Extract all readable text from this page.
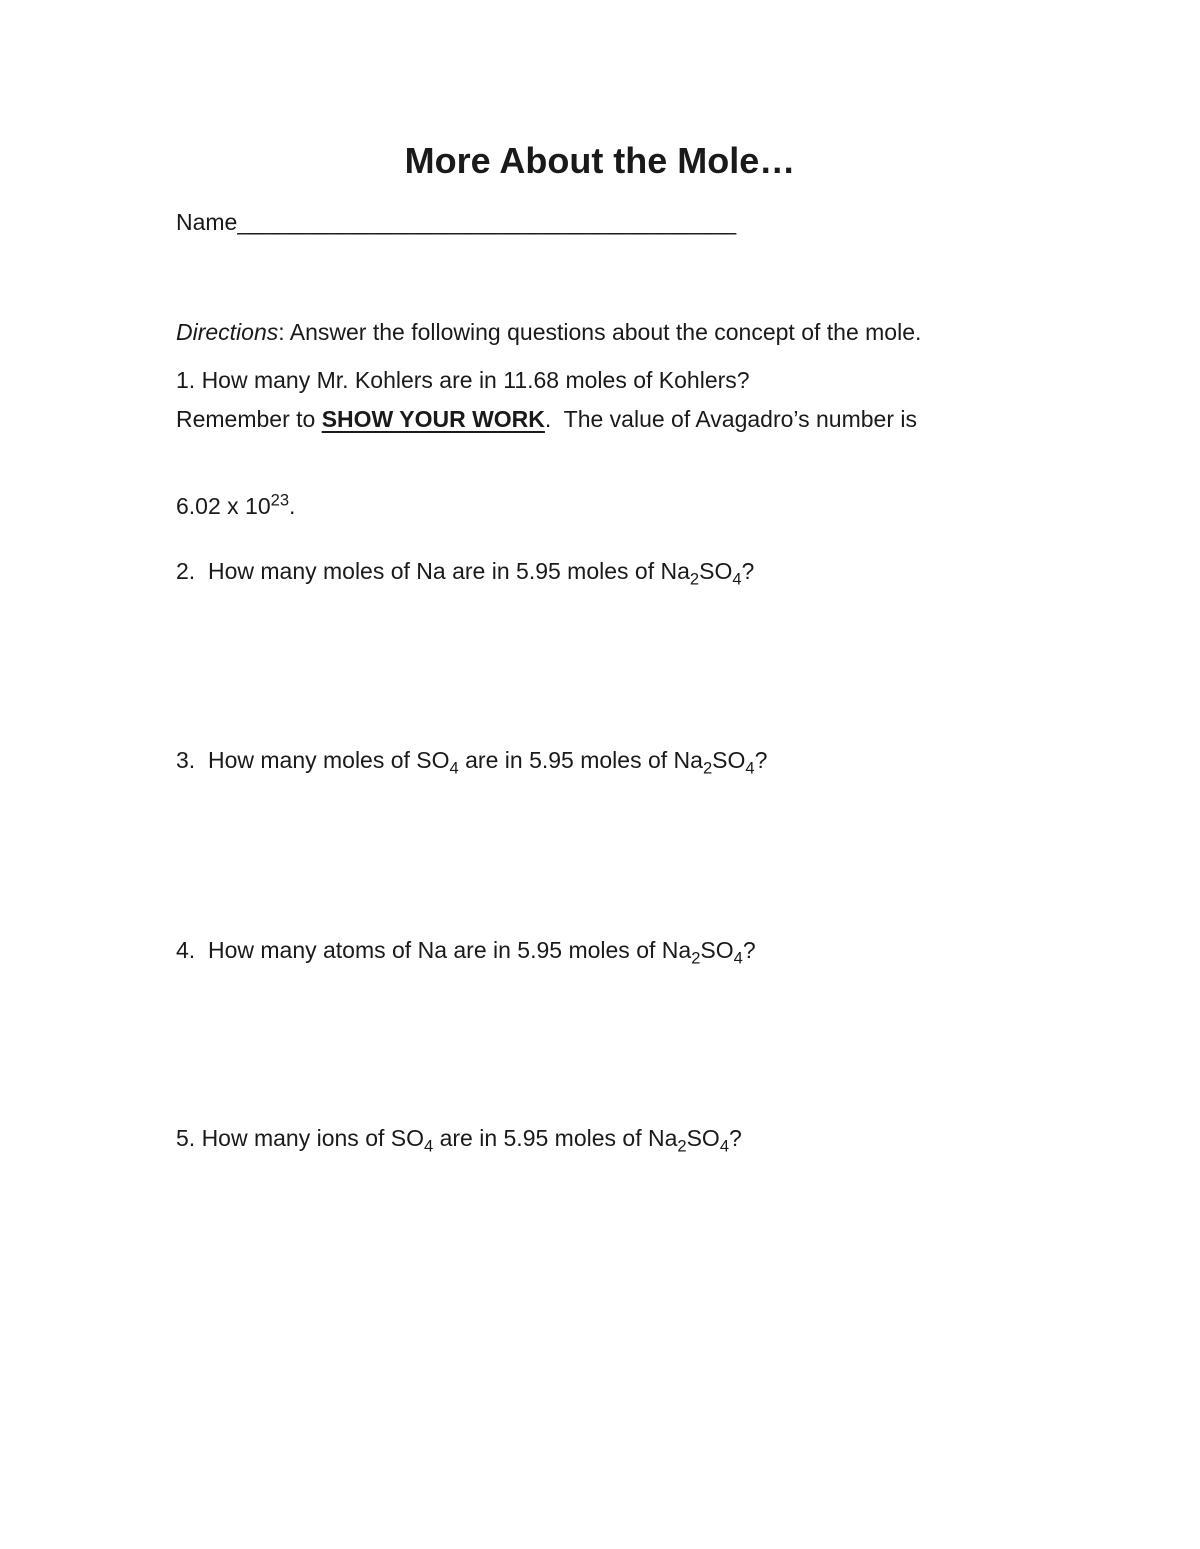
More About the Mole…
Name_______________________________________

Directions: Answer the following questions about the concept of the mole.

Remember to SHOW YOUR WORK.  The value of Avagadro’s number is

6.02 x $10^{23}$.

1. How many Mr. Kohlers are in 11.68 moles of Kohlers?

2.  How many moles of Na are in 5.95 moles of $Na_2SO_4$?

3.  How many moles of $SO_4$ are in 5.95 moles of $Na_2SO_4$?

4.  How many atoms of Na are in 5.95 moles of $Na_2SO_4$?

5. How many ions of $SO_4$ are in 5.95 moles of $Na_2SO_4$?
